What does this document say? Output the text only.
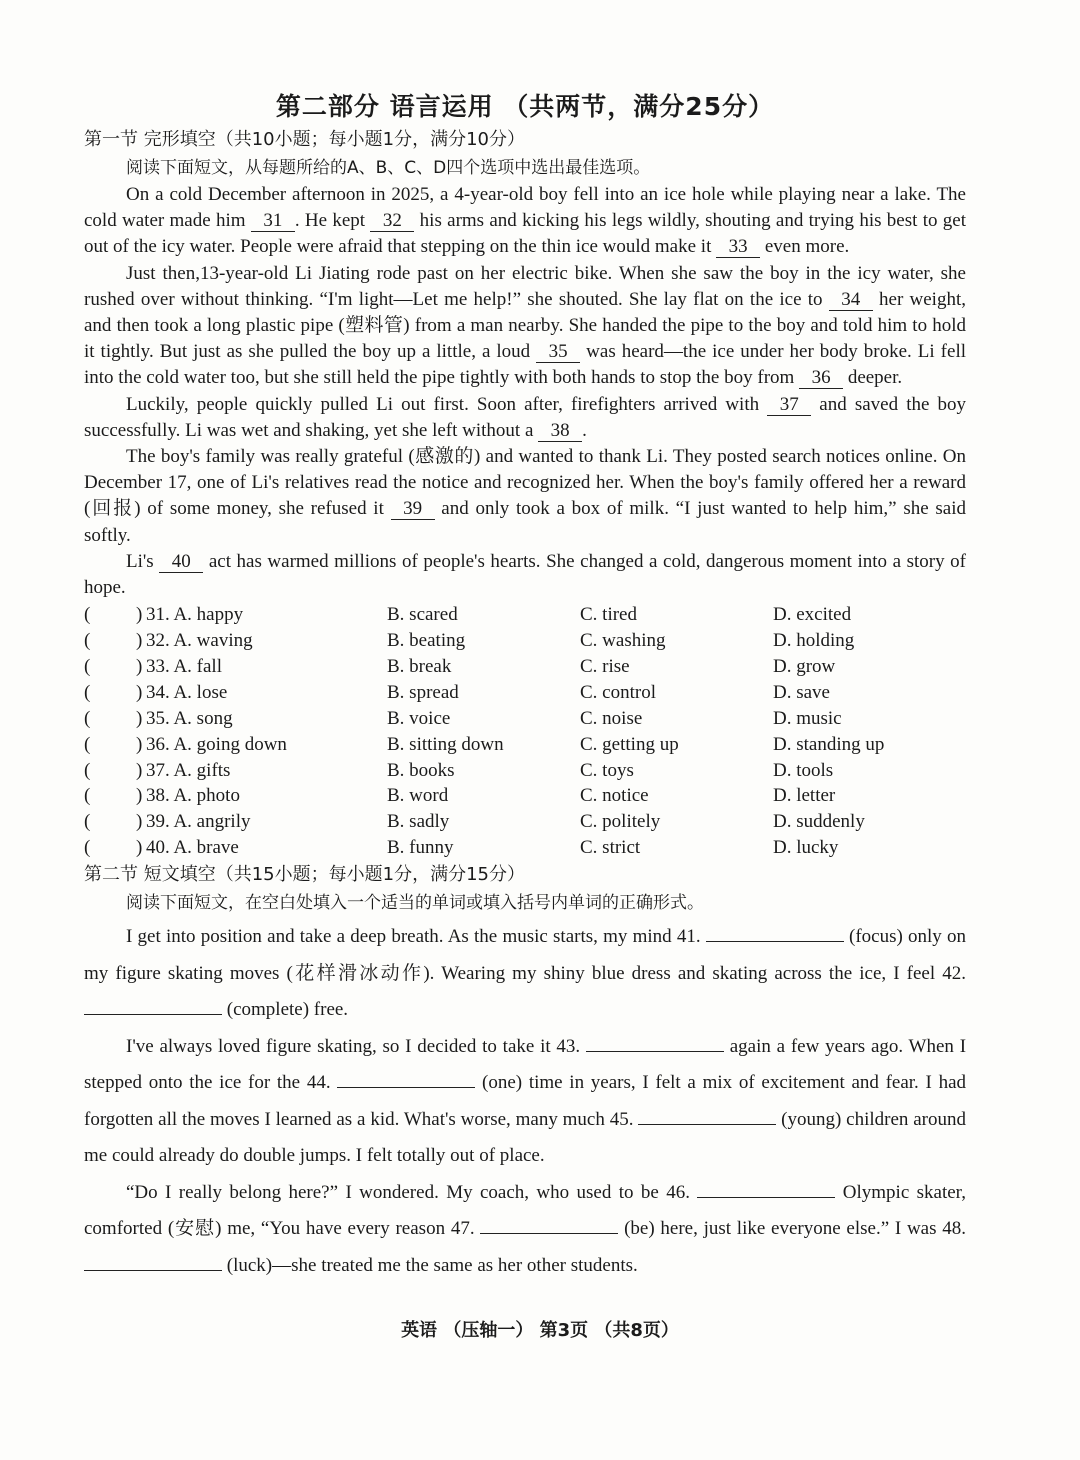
第二部分 语言运用 （共两节，满分25分）
第一节 完形填空（共10小题；每小题1分，满分10分）
阅读下面短文，从每题所给的A、B、C、D四个选项中选出最佳选项。
On a cold December afternoon in 2025, a 4-year-old boy fell into an ice hole while playing near a lake. The cold water made him 31 . He kept 32 his arms and kicking his legs wildly, shouting and trying his best to get out of the icy water. People were afraid that stepping on the thin ice would make it 33 even more.
Just then,13-year-old Li Jiating rode past on her electric bike. When she saw the boy in the icy water, she rushed over without thinking. “I'm light—Let me help!” she shouted. She lay flat on the ice to 34 her weight, and then took a long plastic pipe (塑料管) from a man nearby. She handed the pipe to the boy and told him to hold it tightly. But just as she pulled the boy up a little, a loud 35 was heard—the ice under her body broke. Li fell into the cold water too, but she still held the pipe tightly with both hands to stop the boy from 36 deeper.
Luckily, people quickly pulled Li out first. Soon after, firefighters arrived with 37 and saved the boy successfully. Li was wet and shaking, yet she left without a 38 .
The boy's family was really grateful (感激的) and wanted to thank Li. They posted search notices online. On December 17, one of Li's relatives read the notice and recognized her. When the boy's family offered her a reward (回报) of some money, she refused it 39 and only took a box of milk. “I just wanted to help him,” she said softly.
Li's 40 act has warmed millions of people's hearts. She changed a cold, dangerous moment into a story of hope.
( ) 31. A. happy	B. scared	C. tired	D. excited
( ) 32. A. waving	B. beating	C. washing	D. holding
( ) 33. A. fall	B. break	C. rise	D. grow
( ) 34. A. lose	B. spread	C. control	D. save
( ) 35. A. song	B. voice	C. noise	D. music
( ) 36. A. going down	B. sitting down	C. getting up	D. standing up
( ) 37. A. gifts	B. books	C. toys	D. tools
( ) 38. A. photo	B. word	C. notice	D. letter
( ) 39. A. angrily	B. sadly	C. politely	D. suddenly
( ) 40. A. brave	B. funny	C. strict	D. lucky
第二节 短文填空（共15小题；每小题1分，满分15分）
阅读下面短文，在空白处填入一个适当的单词或填入括号内单词的正确形式。
I get into position and take a deep breath. As the music starts, my mind 41.	(focus) only on my figure skating moves (花样滑冰动作). Wearing my shiny blue dress and skating across the ice, I feel 42.  (complete) free.
I've always loved figure skating, so I decided to take it 43.	again a few years ago. When I stepped onto the ice for the 44.	(one) time in years, I felt a mix of excitement and fear. I had forgotten all the moves I learned as a kid. What's worse, many much 45.	(young) children around me could already do double jumps. I felt totally out of place.
“Do I really belong here?” I wondered. My coach, who used to be 46.	Olympic skater, comforted (安慰) me, “You have every reason 47.	(be) here, just like everyone else.” I was 48.  (luck)—she treated me the same as her other students.
英语 （压轴一） 第3页 （共8页）
